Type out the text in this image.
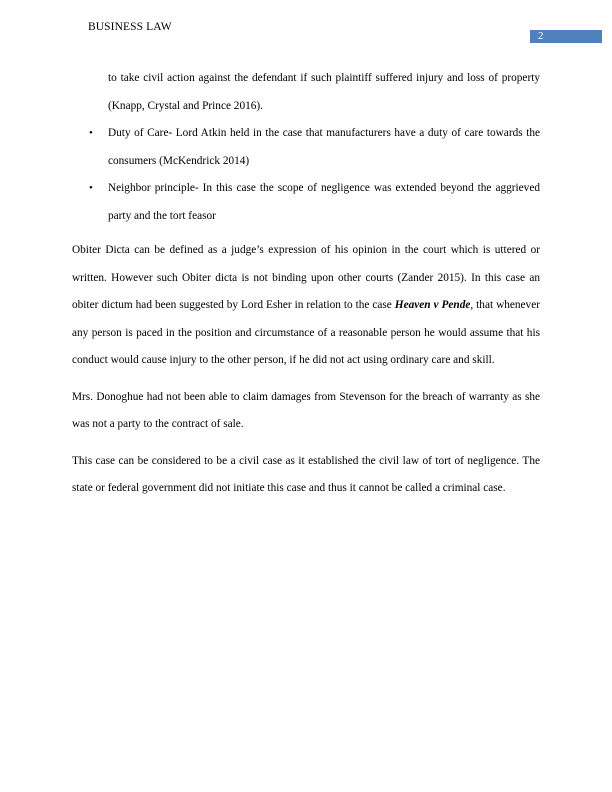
BUSINESS LAW
2
to take civil action against the defendant if such plaintiff suffered injury and loss of property (Knapp, Crystal and Prince 2016).
• Duty of Care- Lord Atkin held in the case that manufacturers have a duty of care towards the consumers (McKendrick 2014)
• Neighbor principle- In this case the scope of negligence was extended beyond the aggrieved party and the tort feasor

Obiter Dicta can be defined as a judge’s expression of his opinion in the court which is uttered or written. However such Obiter dicta is not binding upon other courts (Zander 2015). In this case an obiter dictum had been suggested by Lord Esher in relation to the case Heaven v Pende, that whenever any person is paced in the position and circumstance of a reasonable person he would assume that his conduct would cause injury to the other person, if he did not act using ordinary care and skill.

Mrs. Donoghue had not been able to claim damages from Stevenson for the breach of warranty as she was not a party to the contract of sale.

This case can be considered to be a civil case as it established the civil law of tort of negligence. The state or federal government did not initiate this case and thus it cannot be called a criminal case.
